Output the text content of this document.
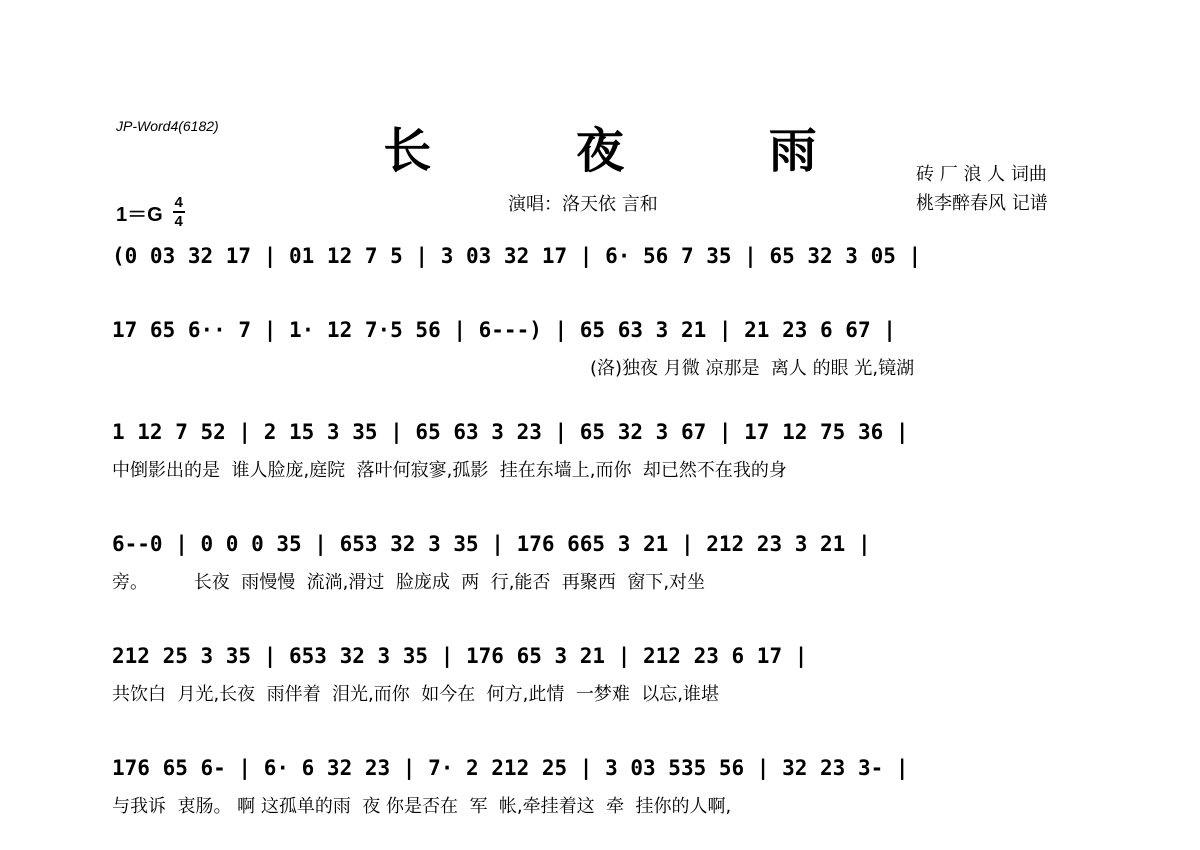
JP-Word4(6182)	长 夜 雨	砖 厂 浪 人 词曲
桃李醉春风 记谱
1＝G
4
4
演唱：洛天依 言和
(0 03 32 17 | 01 12 7 5 | 3 03 32 17 | 6· 56 7 35 | 65 32 3 05 |
17 65 6·· 7 | 1· 12 7·5 56 | 6---) | 65 63 3 21 | 21 23 6 67 |
(洛)独夜 月微 凉那是  离人 的眼 光,镜湖
1 12 7 52 | 2 15 3 35 | 65 63 3 23 | 65 32 3 67 | 17 12 75 36 |
中倒影出的是  谁人脸庞,庭院  落叶何寂寥,孤影  挂在东墙上,而你  却已然不在我的身
6--0 | 0 0 0 35 | 653 32 3 35 | 176 665 3 21 | 212 23 3 21 |
旁。        长夜  雨慢慢  流淌,滑过  脸庞成  两  行,能否  再聚西  窗下,对坐
212 25 3 35 | 653 32 3 35 | 176 65 3 21 | 212 23 6 17 |
共饮白  月光,长夜  雨伴着  泪光,而你  如今在  何方,此情  一梦难  以忘,谁堪
176 65 6- | 6· 6 32 23 | 7· 2 212 25 | 3 03 535 56 | 32 23 3- |
与我诉  衷肠。 啊 这孤单的雨  夜 你是否在  军  帐,牵挂着这  牵  挂你的人啊,
